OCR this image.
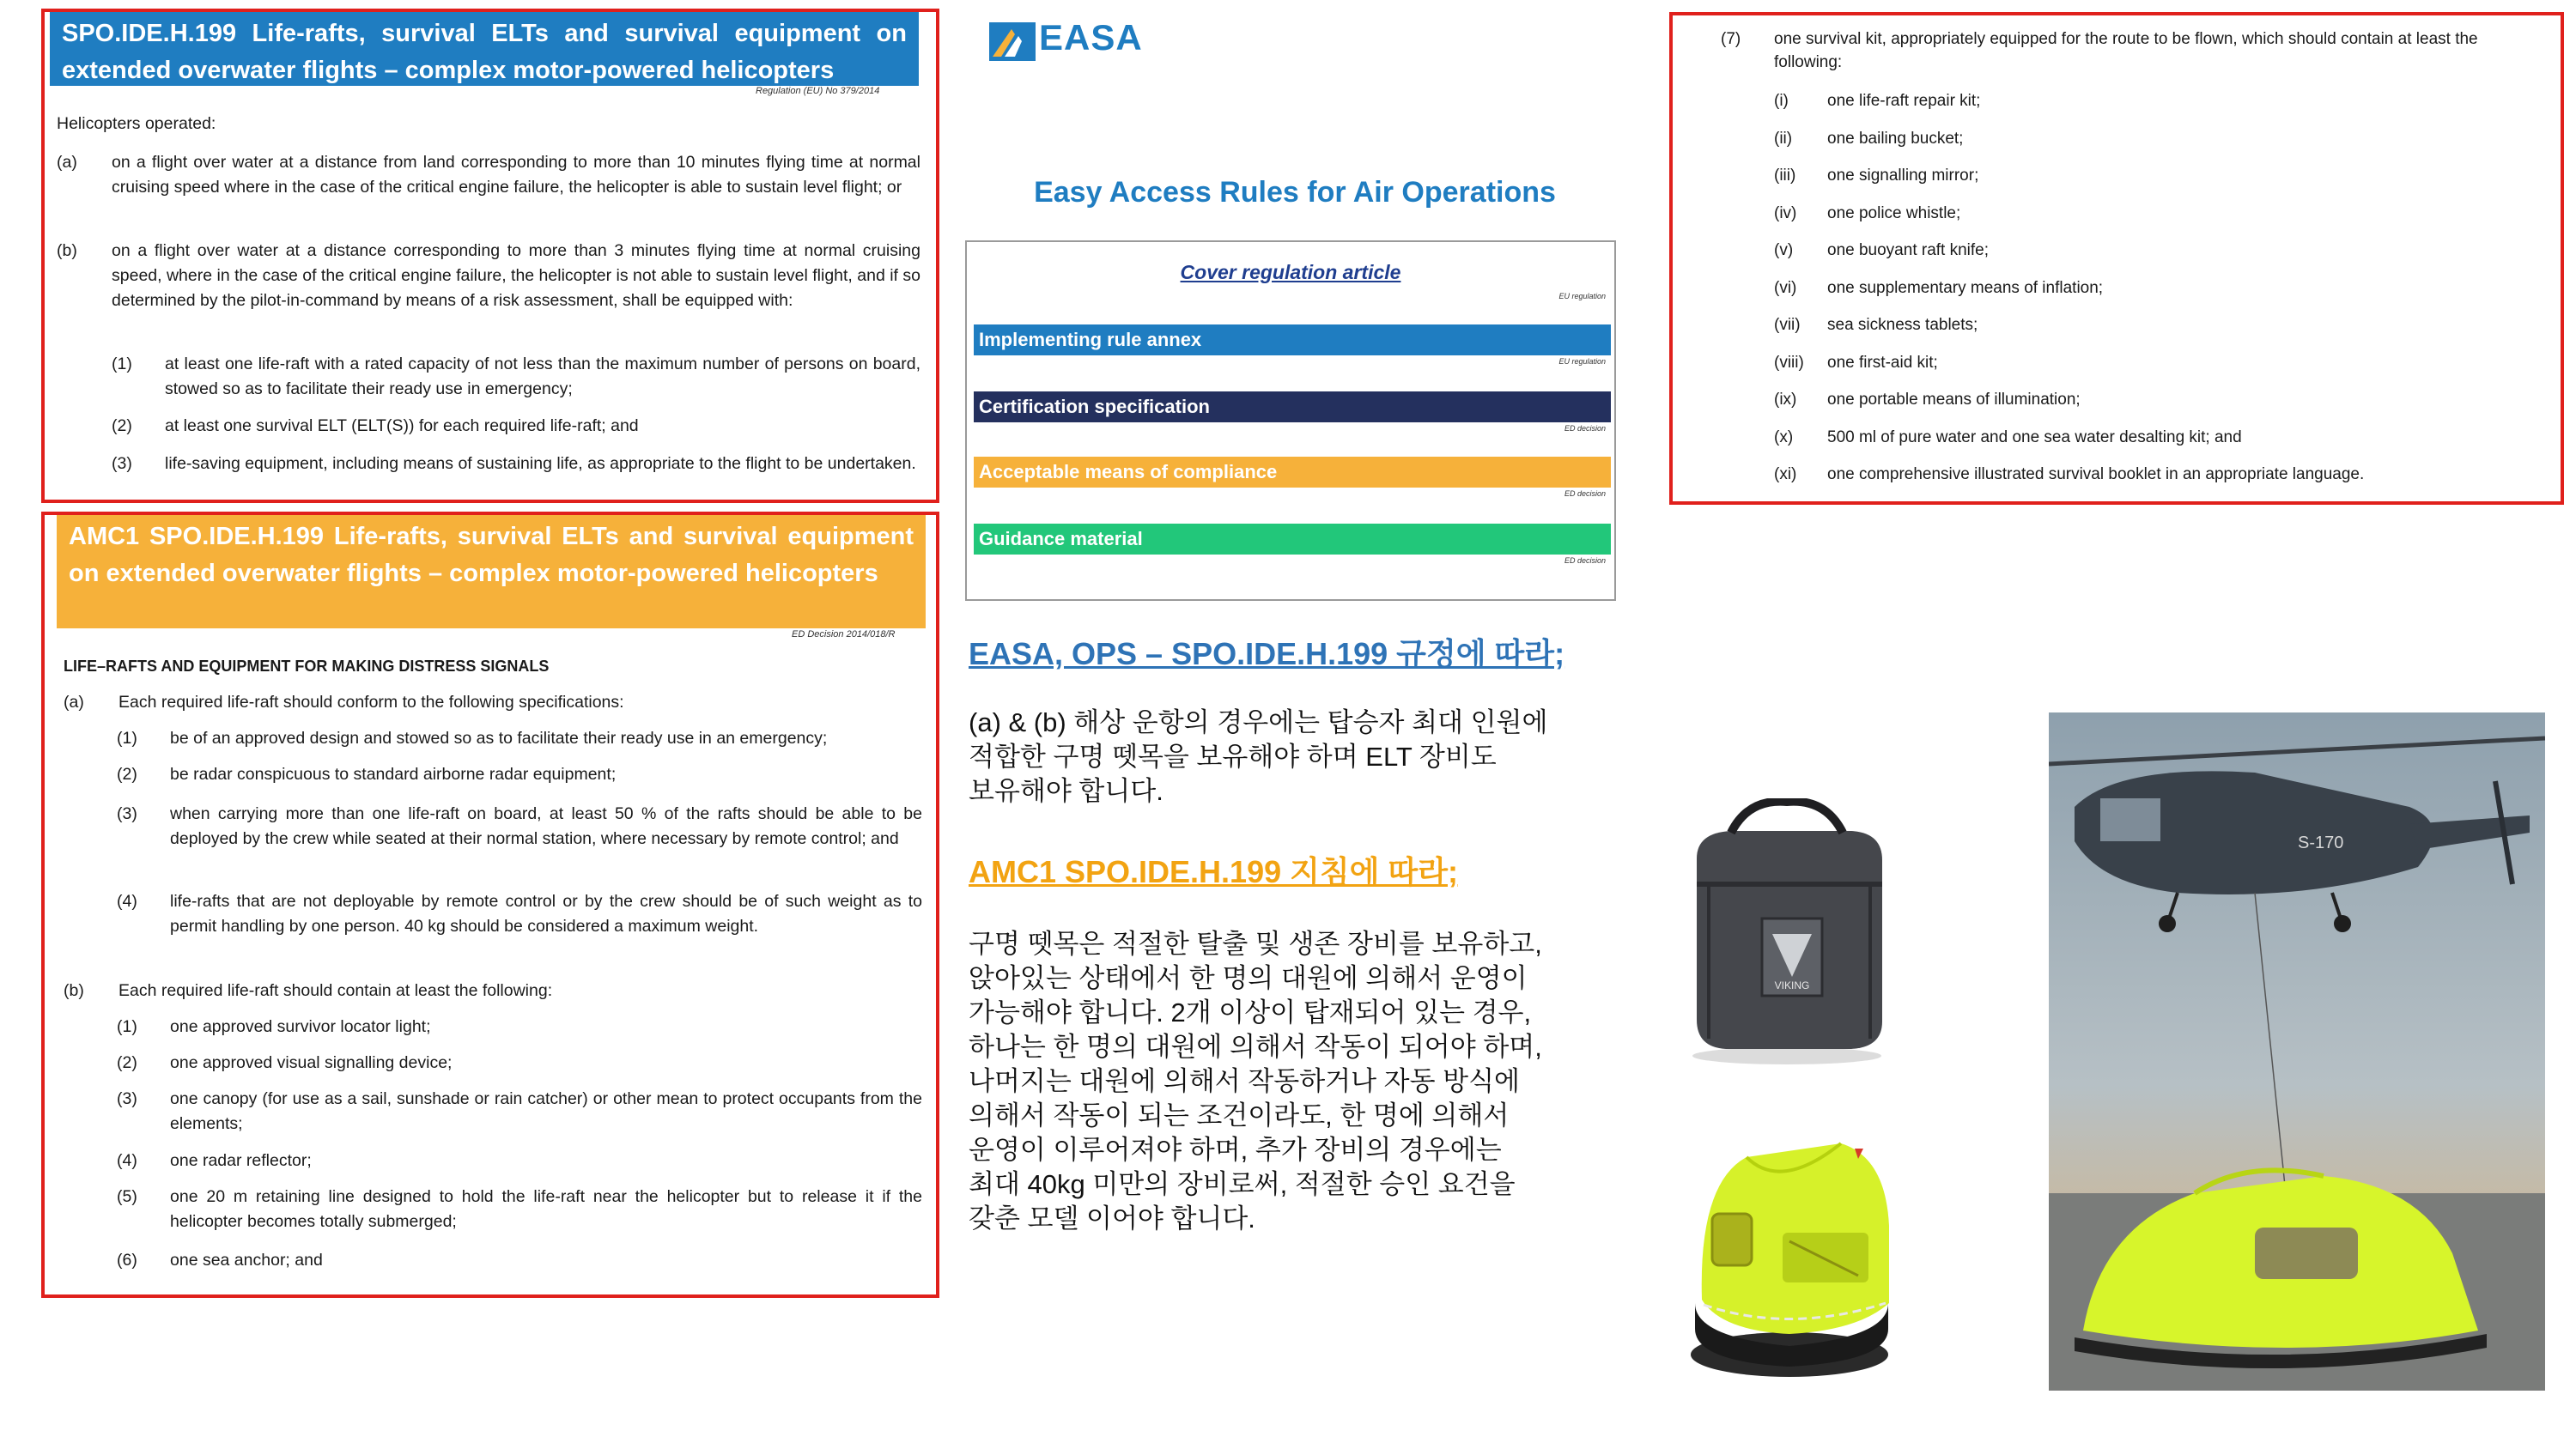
SPO.IDE.H.199 Life-rafts, survival ELTs and survival equipment on extended overwater flights – complex motor-powered helicopters
Regulation (EU) No 379/2014
Helicopters operated:
(a) on a flight over water at a distance from land corresponding to more than 10 minutes flying time at normal cruising speed where in the case of the critical engine failure, the helicopter is able to sustain level flight; or
(b) on a flight over water at a distance corresponding to more than 3 minutes flying time at normal cruising speed, where in the case of the critical engine failure, the helicopter is not able to sustain level flight, and if so determined by the pilot-in-command by means of a risk assessment, shall be equipped with:
(1) at least one life-raft with a rated capacity of not less than the maximum number of persons on board, stowed so as to facilitate their ready use in emergency;
(2) at least one survival ELT (ELT(S)) for each required life-raft; and
(3) life-saving equipment, including means of sustaining life, as appropriate to the flight to be undertaken.
AMC1 SPO.IDE.H.199 Life-rafts, survival ELTs and survival equipment on extended overwater flights – complex motor-powered helicopters
ED Decision 2014/018/R
LIFE–RAFTS AND EQUIPMENT FOR MAKING DISTRESS SIGNALS
(a) Each required life-raft should conform to the following specifications:
(1) be of an approved design and stowed so as to facilitate their ready use in an emergency;
(2) be radar conspicuous to standard airborne radar equipment;
(3) when carrying more than one life-raft on board, at least 50 % of the rafts should be able to be deployed by the crew while seated at their normal station, where necessary by remote control; and
(4) life-rafts that are not deployable by remote control or by the crew should be of such weight as to permit handling by one person. 40 kg should be considered a maximum weight.
(b) Each required life-raft should contain at least the following:
(1) one approved survivor locator light;
(2) one approved visual signalling device;
(3) one canopy (for use as a sail, sunshade or rain catcher) or other mean to protect occupants from the elements;
(4) one radar reflector;
(5) one 20 m retaining line designed to hold the life-raft near the helicopter but to release it if the helicopter becomes totally submerged;
(6) one sea anchor; and
EASA
Easy Access Rules for Air Operations
Cover regulation article
EU regulation
Implementing rule annex
EU regulation
Certification specification
ED decision
Acceptable means of compliance
ED decision
Guidance material
ED decision
EASA, OPS – SPO.IDE.H.199 규정에 따라;
(a) & (b) 해상 운항의 경우에는 탑승자 최대 인원에
적합한 구명 뗏목을 보유해야 하며 ELT 장비도
보유해야 합니다.
AMC1 SPO.IDE.H.199 지침에 따라;
구명 뗏목은 적절한 탈출 및 생존 장비를 보유하고,
앉아있는 상태에서 한 명의 대원에 의해서 운영이
가능해야 합니다. 2개 이상이 탑재되어 있는 경우,
하나는 한 명의 대원에 의해서 작동이 되어야 하며,
나머지는 대원에 의해서 작동하거나 자동 방식에
의해서 작동이 되는 조건이라도, 한 명에 의해서
운영이 이루어져야 하며, 추가 장비의 경우에는
최대 40kg 미만의 장비로써, 적절한 승인 요건을
갖춘 모델 이어야 합니다.
(7) one survival kit, appropriately equipped for the route to be flown, which should contain at least the following:
(i) one life-raft repair kit;
(ii) one bailing bucket;
(iii) one signalling mirror;
(iv) one police whistle;
(v) one buoyant raft knife;
(vi) one supplementary means of inflation;
(vii) sea sickness tablets;
(viii) one first-aid kit;
(ix) one portable means of illumination;
(x) 500 ml of pure water and one sea water desalting kit; and
(xi) one comprehensive illustrated survival booklet in an appropriate language.
VIKING
S-170
